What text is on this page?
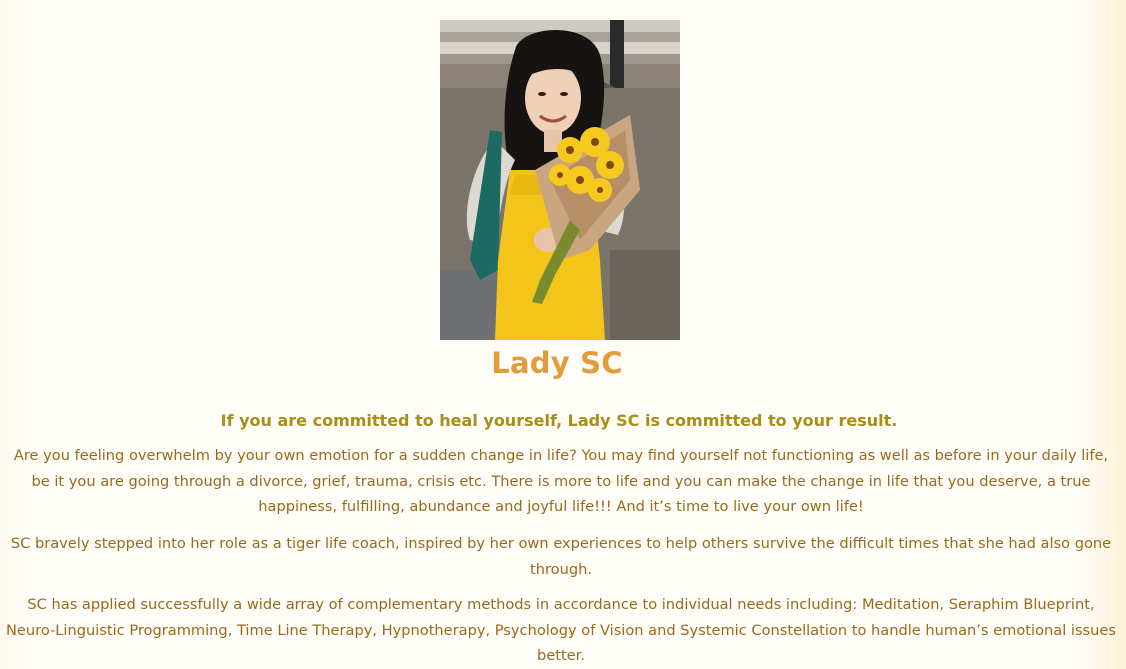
Lady SC
If you are committed to heal yourself, Lady SC is committed to your result.
Are you feeling overwhelm by your own emotion for a sudden change in life? You may find yourself not functioning as well as before in your daily life, be it you are going through a divorce, grief, trauma, crisis etc. There is more to life and you can make the change in life that you deserve, a true happiness, fulfilling, abundance and joyful life!!! And it’s time to live your own life!
SC bravely stepped into her role as a tiger life coach, inspired by her own experiences to help others survive the difficult times that she had also gone through.
SC has applied successfully a wide array of complementary methods in accordance to individual needs including: Meditation, Seraphim Blueprint, Neuro-Linguistic Programming, Time Line Therapy, Hypnotherapy, Psychology of Vision and Systemic Constellation to handle human’s emotional issues better.
